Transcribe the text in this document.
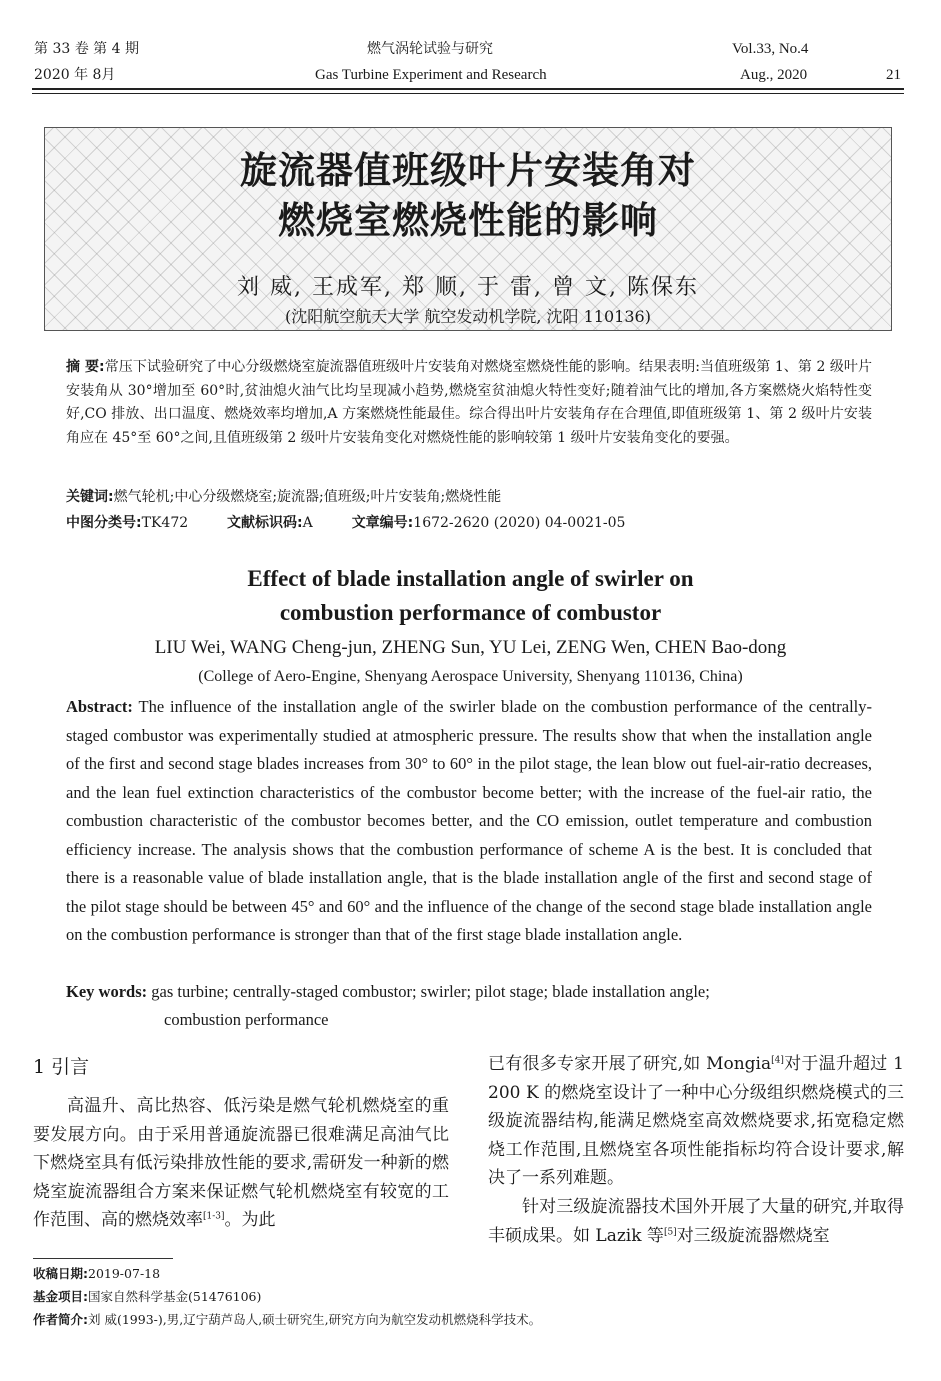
第 33 卷 第 4 期
2020 年 8月
燃气涡轮试验与研究
Gas Turbine Experiment and Research
Vol.33, No.4
Aug., 2020	21
旋流器值班级叶片安装角对
燃烧室燃烧性能的影响
刘 威, 王成军, 郑 顺, 于 雷, 曾 文, 陈保东
(沈阳航空航天大学 航空发动机学院, 沈阳 110136)
摘 要:常压下试验研究了中心分级燃烧室旋流器值班级叶片安装角对燃烧室燃烧性能的影响。结果表明:当值班级第 1、第 2 级叶片安装角从 30°增加至 60°时,贫油熄火油气比均呈现减小趋势,燃烧室贫油熄火特性变好;随着油气比的增加,各方案燃烧火焰特性变好,CO 排放、出口温度、燃烧效率均增加,A 方案燃烧性能最佳。综合得出叶片安装角存在合理值,即值班级第 1、第 2 级叶片安装角应在 45°至 60°之间,且值班级第 2 级叶片安装角变化对燃烧性能的影响较第 1 级叶片安装角变化的要强。
关键词:燃气轮机;中心分级燃烧室;旋流器;值班级;叶片安装角;燃烧性能
中图分类号:TK472	文献标识码:A	文章编号:1672-2620 (2020) 04-0021-05
Effect of blade installation angle of swirler on
combustion performance of combustor
LIU Wei, WANG Cheng-jun, ZHENG Sun, YU Lei, ZENG Wen, CHEN Bao-dong
(College of Aero-Engine, Shenyang Aerospace University, Shenyang 110136, China)
Abstract: The influence of the installation angle of the swirler blade on the combustion performance of the centrally-staged combustor was experimentally studied at atmospheric pressure. The results show that when the installation angle of the first and second stage blades increases from 30° to 60° in the pilot stage, the lean blow out fuel-air-ratio decreases, and the lean fuel extinction characteristics of the combustor become better; with the increase of the fuel-air ratio, the combustion characteristic of the combustor becomes better, and the CO emission, outlet temperature and combustion efficiency increase. The analysis shows that the combustion performance of scheme A is the best. It is concluded that there is a reasonable value of blade installation angle, that is the blade installation angle of the first and second stage of the pilot stage should be between 45° and 60° and the influence of the change of the second stage blade installation angle on the combustion performance is stronger than that of the first stage blade installation angle.
Key words: gas turbine; centrally-staged combustor; swirler; pilot stage; blade installation angle;
combustion performance
1 引言

高温升、高比热容、低污染是燃气轮机燃烧室的重要发展方向。由于采用普通旋流器已很难满足高油气比下燃烧室具有低污染排放性能的要求,需研发一种新的燃烧室旋流器组合方案来保证燃气轮机燃烧室有较宽的工作范围、高的燃烧效率[1-3]。为此

已有很多专家开展了研究,如 Mongia[4]对于温升超过 1 200 K 的燃烧室设计了一种中心分级组织燃烧模式的三级旋流器结构,能满足燃烧室高效燃烧要求,拓宽稳定燃烧工作范围,且燃烧室各项性能指标均符合设计要求,解决了一系列难题。

针对三级旋流器技术国外开展了大量的研究,并取得丰硕成果。如 Lazik 等[5]对三级旋流器燃烧室

收稿日期:2019-07-18
基金项目:国家自然科学基金(51476106)
作者简介:刘 威(1993-),男,辽宁葫芦岛人,硕士研究生,研究方向为航空发动机燃烧科学技术。
